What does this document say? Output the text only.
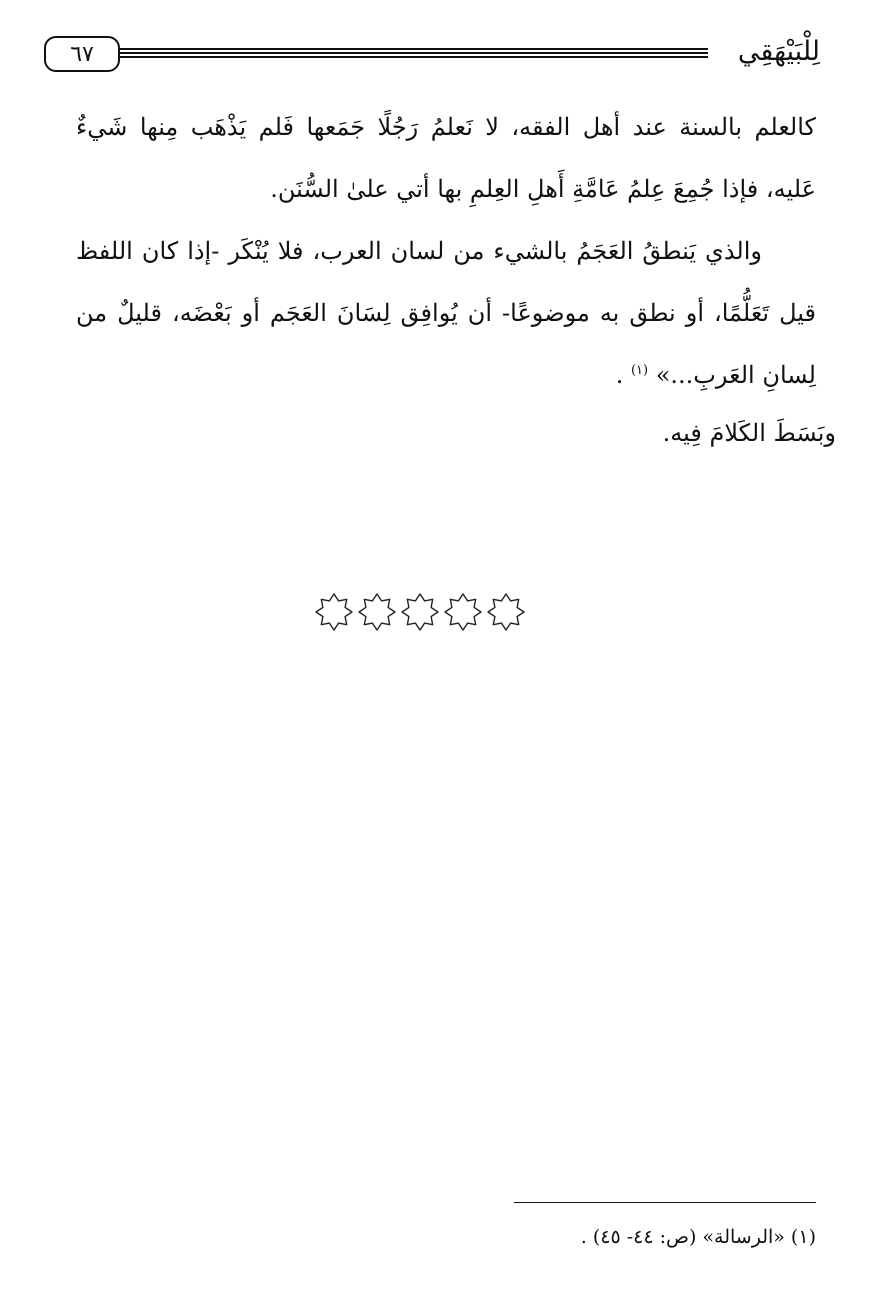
٦٧	لِلْبَيْهَقِي
كالعلم بالسنة عند أهل الفقه، لا نَعلمُ رَجُلًا جَمَعها فَلم يَذْهَب مِنها شَيءٌ
عَليه، فإذا جُمِعَ عِلمُ عَامَّةِ أَهلِ العِلمِ بها أتي علىٰ السُّنَن.
والذي يَنطقُ العَجَمُ بالشيء من لسان العرب، فلا يُنْكَر -إذا كان اللفظ
قيل تَعَلُّمًا، أو نطق به موضوعًا- أن يُوافِق لِسَانَ العَجَم أو بَعْضَه، قليلٌ من
لِسانِ العَربِ...» $^{(١)}$ .
وبَسَطَ الكَلامَ فِيه.
(١) «الرسالة» (ص: ٤٤- ٤٥) .
